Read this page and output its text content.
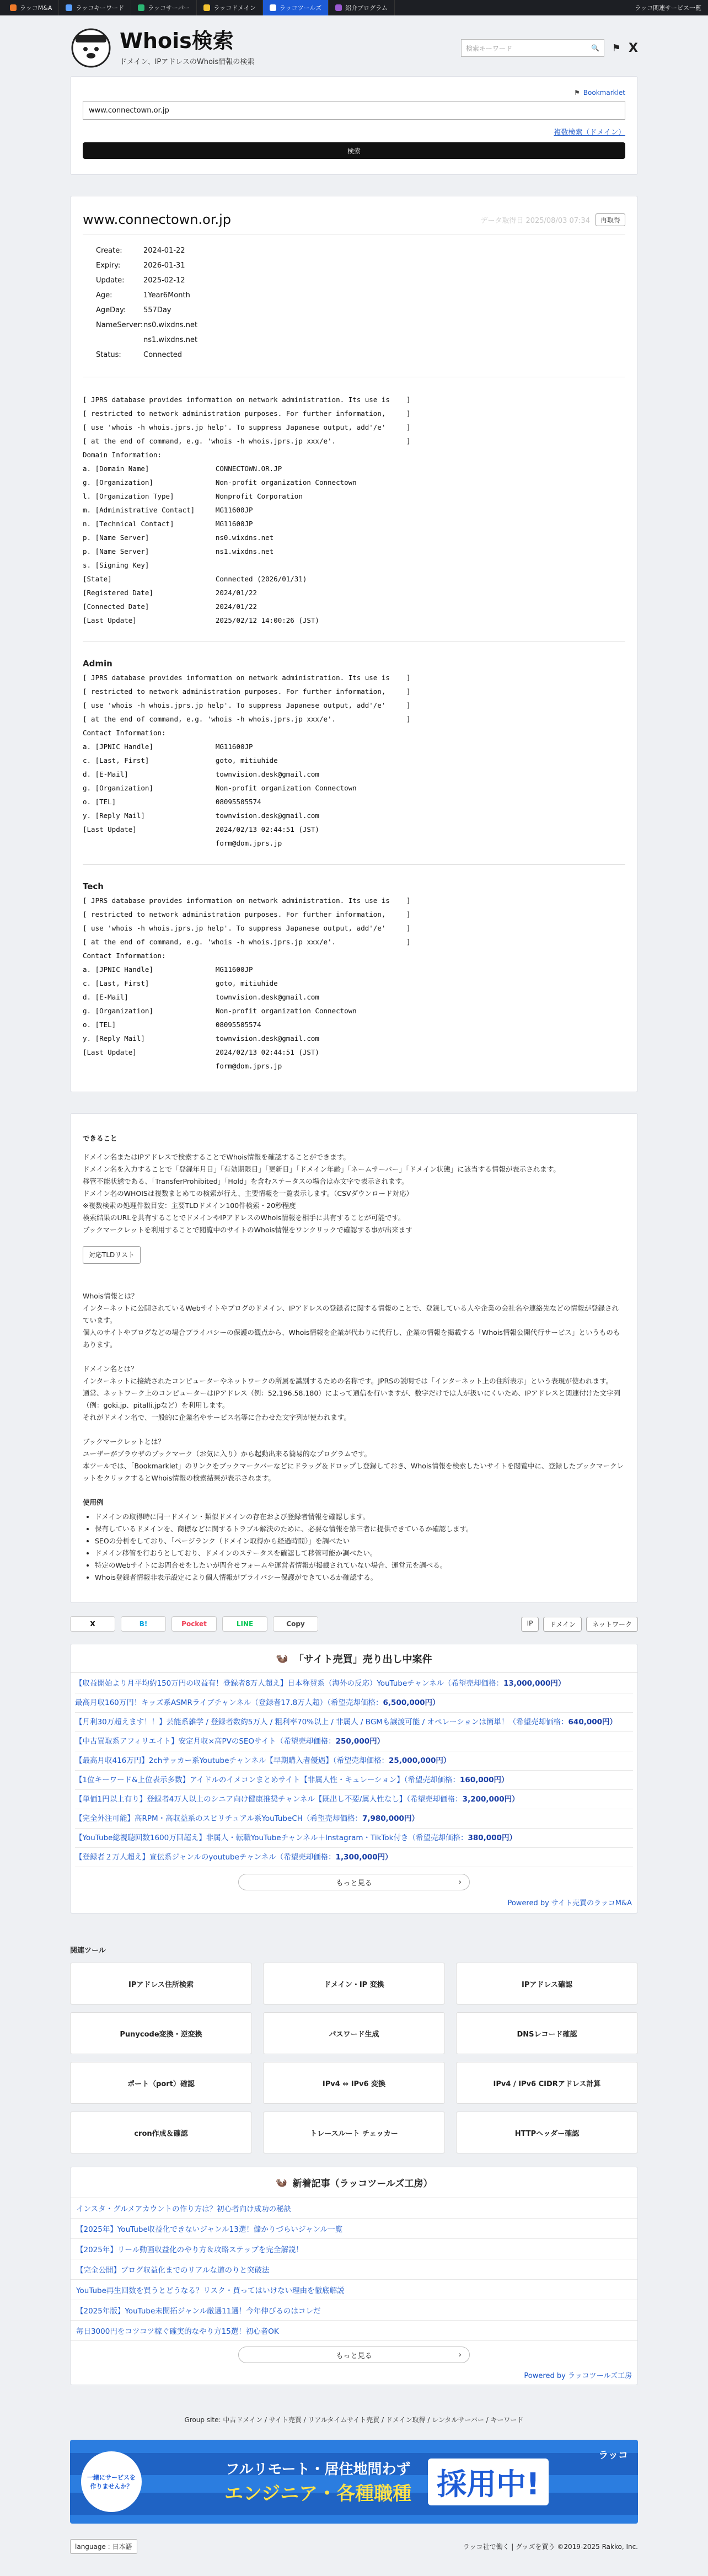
ラッコM&A	ラッコキーワード	ラッコサーバー	ラッコドメイン	ラッコツールズ	紹介プログラム	ラッコ関連サービス一覧
Whois検索
ドメイン、IPアドレスのWhois情報の検索
検索キーワード	🔍 ⚑ X
⚑ Bookmarklet
www.connectown.or.jp
複数検索（ドメイン）
検索
www.connectown.or.jp	データ取得日 2025/08/03 07:34	再取得
Create:	2024-01-22
Expiry:	2026-01-31
Update:	2025-02-12
Age:	1Year6Month
AgeDay:	557Day
NameServer: ns0.wixdns.net
ns1.wixdns.net
Status:	Connected
[ JPRS database provides information on network administration. Its use is    ]
[ restricted to network administration purposes. For further information,     ]
[ use 'whois -h whois.jprs.jp help'. To suppress Japanese output, add'/e'     ]
[ at the end of command, e.g. 'whois -h whois.jprs.jp xxx/e'.                 ]
Domain Information:
a. [Domain Name]                CONNECTOWN.OR.JP
g. [Organization]               Non-profit organization Connectown
l. [Organization Type]          Nonprofit Corporation
m. [Administrative Contact]     MG11600JP
n. [Technical Contact]          MG11600JP
p. [Name Server]                ns0.wixdns.net
p. [Name Server]                ns1.wixdns.net
s. [Signing Key]
[State]                         Connected (2026/01/31)
[Registered Date]               2024/01/22
[Connected Date]                2024/01/22
[Last Update]                   2025/02/12 14:00:26 (JST)
Admin
[ JPRS database provides information on network administration. Its use is    ]
[ restricted to network administration purposes. For further information,     ]
[ use 'whois -h whois.jprs.jp help'. To suppress Japanese output, add'/e'     ]
[ at the end of command, e.g. 'whois -h whois.jprs.jp xxx/e'.                 ]
Contact Information:
a. [JPNIC Handle]               MG11600JP
c. [Last, First]                goto, mitiuhide
d. [E-Mail]                     townvision.desk@gmail.com
g. [Organization]               Non-profit organization Connectown
o. [TEL]                        08095505574
y. [Reply Mail]                 townvision.desk@gmail.com
[Last Update]                   2024/02/13 02:44:51 (JST)
form@dom.jprs.jp
Tech
[ JPRS database provides information on network administration. Its use is    ]
[ restricted to network administration purposes. For further information,     ]
[ use 'whois -h whois.jprs.jp help'. To suppress Japanese output, add'/e'     ]
[ at the end of command, e.g. 'whois -h whois.jprs.jp xxx/e'.                 ]
Contact Information:
a. [JPNIC Handle]               MG11600JP
c. [Last, First]                goto, mitiuhide
d. [E-Mail]                     townvision.desk@gmail.com
g. [Organization]               Non-profit organization Connectown
o. [TEL]                        08095505574
y. [Reply Mail]                 townvision.desk@gmail.com
[Last Update]                   2024/02/13 02:44:51 (JST)
form@dom.jprs.jp
できること

ドメイン名またはIPアドレスで検索することでWhois情報を確認することができます。
ドメイン名を入力することで「登録年月日」「有効期限日」「更新日」「ドメイン年齢」「ネームサーバー」「ドメイン状態」に該当する情報が表示されます。
移管不能状態である、「TransferProhibited」「Hold」を含むステータスの場合は赤文字で表示されます。
ドメイン名のWHOISは複数まとめての検索が行え、主要情報を一覧表示します。（CSVダウンロード対応）
※複数検索の処理件数目安：主要TLDドメイン100件検索・20秒程度
検索結果のURLを共有することでドメインやIPアドレスのWhois情報を相手に共有することが可能です。
ブックマークレットを利用することで閲覧中のサイトのWhois情報をワンクリックで確認する事が出来ます

対応TLDリスト

Whois情報とは？
インターネットに公開されているWebサイトやブログのドメイン、IPアドレスの登録者に関する情報のことで、登録している人や企業の会社名や連絡先などの情報が登録されています。
個人のサイトやブログなどの場合プライバシーの保護の観点から、Whois情報を企業が代わりに代行し、企業の情報を掲載する「Whois情報公開代行サービス」というものもあります。

ドメイン名とは？
インターネットに接続されたコンピューターやネットワークの所属を識別するための名称です。JPRSの説明では「インターネット上の住所表示」という表現が使われます。
通常、ネットワーク上のコンピューターはIPアドレス（例：52.196.58.180）によって通信を行いますが、数字だけでは人が扱いにくいため、IPアドレスと関連付けた文字列（例：goki.jp、pitalli.jpなど）を利用します。
それがドメイン名で、一般的に企業名やサービス名等に合わせた文字列が使われます。

ブックマークレットとは？
ユーザーがブラウザのブックマーク（お気に入り）から起動出来る簡易的なプログラムです。
本ツールでは、「Bookmarklet」のリンクをブックマークバーなどにドラッグ＆ドロップし登録しておき、Whois情報を検索したいサイトを閲覧中に、登録したブックマークレットをクリックするとWhois情報の検索結果が表示されます。

使用例
• ドメインの取得時に同一ドメイン・類似ドメインの存在および登録者情報を確認します。
• 保有しているドメインを、商標などに関するトラブル解決のために、必要な情報を第三者に提供できているか確認します。
• SEOの分析をしており、「ページランク（ドメイン取得から経過時間）」を調べたい
• ドメイン移管を行おうとしており、ドメインのステータスを確認して移管可能か調べたい。
• 特定のWebサイトにお問合せをしたいが問合せフォームや運営者情報が掲載されていない場合、運営元を調べる。
• Whois登録者情報非表示設定により個人情報がプライバシー保護ができているか確認する。
X	B!	Pocket	LINE	Copy	IP	ドメイン	ネットワーク
🦦 「サイト売買」売り出し中案件
【収益開始より月平均約150万円の収益有！登録者8万人超え】日本称賛系（海外の反応）YouTubeチャンネル（希望売却価格：13,000,000円）
最高月収160万円！キッズ系ASMRライブチャンネル（登録者17.8万人超）（希望売却価格：6,500,000円）
【月利30万超えます！！】芸能系雑学 / 登録者数約5万人 / 粗利率70%以上 / 非属人 / BGMも譲渡可能 / オペレーションは簡単！（希望売却価格：640,000円）
【中古買取系アフィリエイト】安定月収×高PVのSEOサイト（希望売却価格：250,000円）
【最高月収416万円】2chサッカー系Youtubeチャンネル【早期購入者優遇】（希望売却価格：25,000,000円）
【1位キーワード&上位表示多数】アイドルのイメコンまとめサイト【非属人性・キュレーション】（希望売却価格：160,000円）
【単価1円以上有り】登録者4万人以上のシニア向け健康推奨チャンネル【既出し不要/属人性なし】（希望売却価格：3,200,000円）
【完全外注可能】高RPM・高収益系のスピリチュアル系YouTubeCH（希望売却価格：7,980,000円）
【YouTube総視聴回数1600万回超え】非属人・転職YouTubeチャンネル＋Instagram・TikTok付き（希望売却価格：380,000円）
【登録者２万人超え】宣伝系ジャンルのyoutubeチャンネル（希望売却価格：1,300,000円）
もっと見る	›
Powered by サイト売買のラッコM&A
関連ツール
IPアドレス住所検索	ドメイン・IP 変換	IPアドレス確認
Punycode変換・逆変換	パスワード生成	DNSレコード確認
ポート（port）確認	IPv4 ⇔ IPv6 変換	IPv4 / IPv6 CIDRアドレス計算
cron作成＆確認	トレースルート チェッカー	HTTPヘッダー確認
🦦 新着記事（ラッコツールズ工房）
インスタ・グルメアカウントの作り方は？初心者向け成功の秘訣
【2025年】YouTube収益化できないジャンル13選！儲かりづらいジャンル一覧
【2025年】リール動画収益化のやり方＆攻略ステップを完全解説！
【完全公開】ブログ収益化までのリアルな道のりと突破法
YouTube再生回数を買うとどうなる？リスク・買ってはいけない理由を徹底解説
【2025年版】YouTube未開拓ジャンル厳選11選！今年伸びるのはコレだ
毎日3000円をコツコツ稼ぐ確実的なやり方15選！初心者OK
もっと見る	›
Powered by ラッコツールズ工房
Group site: 中古ドメイン / サイト売買 / リアルタイムサイト売買 / ドメイン取得 / レンタルサーバー / キーワード
一緒にサービスを作りませんか？
フルリモート・居住地問わず
エンジニア・各種職種 採用中!
ラッコ
language : 日本語	ラッコ社で働く | グッズを買う ©2019-2025 Rakko, Inc.
